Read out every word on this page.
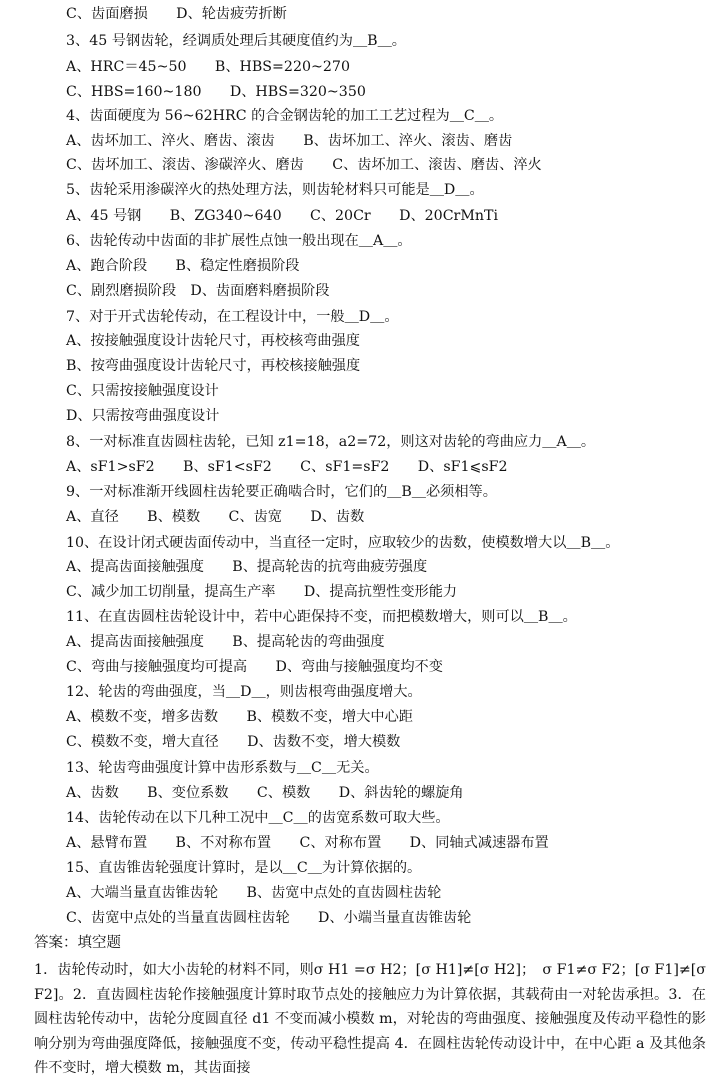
C、齿面磨损　　D、轮齿疲劳折断
3、45 号钢齿轮，经调质处理后其硬度值约为＿B＿。
A、HRC＝45~50　　B、HBS=220~270
C、HBS=160~180　　D、HBS=320~350
4、齿面硬度为 56~62HRC 的合金钢齿轮的加工工艺过程为＿C＿。
A、齿坏加工、淬火、磨齿、滚齿　　B、齿坏加工、淬火、滚齿、磨齿
C、齿坏加工、滚齿、渗碳淬火、磨齿　　C、齿坏加工、滚齿、磨齿、淬火
5、齿轮采用渗碳淬火的热处理方法，则齿轮材料只可能是＿D＿。
A、45 号钢　　B、ZG340~640　　C、20Cr　　D、20CrMnTi
6、齿轮传动中齿面的非扩展性点蚀一般出现在＿A＿。
A、跑合阶段　　B、稳定性磨损阶段
C、剧烈磨损阶段　D、齿面磨料磨损阶段
7、对于开式齿轮传动，在工程设计中，一般＿D＿。
A、按接触强度设计齿轮尺寸，再校核弯曲强度
B、按弯曲强度设计齿轮尺寸，再校核接触强度
C、只需按接触强度设计
D、只需按弯曲强度设计
8、一对标准直齿圆柱齿轮，已知 z1=18，a2=72，则这对齿轮的弯曲应力＿A＿。
A、sF1>sF2　　B、sF1<sF2　　C、sF1=sF2　　D、sF1⩽sF2
9、一对标准渐开线圆柱齿轮要正确啮合时，它们的＿B＿必须相等。
A、直径　　B、模数　　C、齿宽　　D、齿数
10、在设计闭式硬齿面传动中，当直径一定时，应取较少的齿数，使模数增大以＿B＿。
A、提高齿面接触强度　　B、提高轮齿的抗弯曲疲劳强度
C、减少加工切削量，提高生产率　　D、提高抗塑性变形能力
11、在直齿圆柱齿轮设计中，若中心距保持不变，而把模数增大，则可以＿B＿。
A、提高齿面接触强度　　B、提高轮齿的弯曲强度
C、弯曲与接触强度均可提高　　D、弯曲与接触强度均不变
12、轮齿的弯曲强度，当＿D＿，则齿根弯曲强度增大。
A、模数不变，增多齿数　　B、模数不变，增大中心距
C、模数不变，增大直径　　D、齿数不变，增大模数
13、轮齿弯曲强度计算中齿形系数与＿C＿无关。
A、齿数　　B、变位系数　　C、模数　　D、斜齿轮的螺旋角
14、齿轮传动在以下几种工况中＿C＿的齿宽系数可取大些。
A、悬臂布置　　B、不对称布置　　C、对称布置　　D、同轴式减速器布置
15、直齿锥齿轮强度计算时，是以＿C＿为计算依据的。
A、大端当量直齿锥齿轮　　B、齿宽中点处的直齿圆柱齿轮
C、齿宽中点处的当量直齿圆柱齿轮　　D、小端当量直齿锥齿轮
答案：填空题
1．齿轮传动时，如大小齿轮的材料不同，则σ H1 =σ H2；[σ H1]≠[σ H2]；　σ F1≠σ F2；[σ F1]≠[σ F2]。2．直齿圆柱齿轮作接触强度计算时取节点处的接触应力为计算依据，其载荷由一对轮齿承担。3．在圆柱齿轮传动中，齿轮分度圆直径 d1 不变而减小模数 m，对轮齿的弯曲强度、接触强度及传动平稳性的影响分别为弯曲强度降低，接触强度不变，传动平稳性提高 4．在圆柱齿轮传动设计中，在中心距 a 及其他条件不变时，增大模数 m，其齿面接
